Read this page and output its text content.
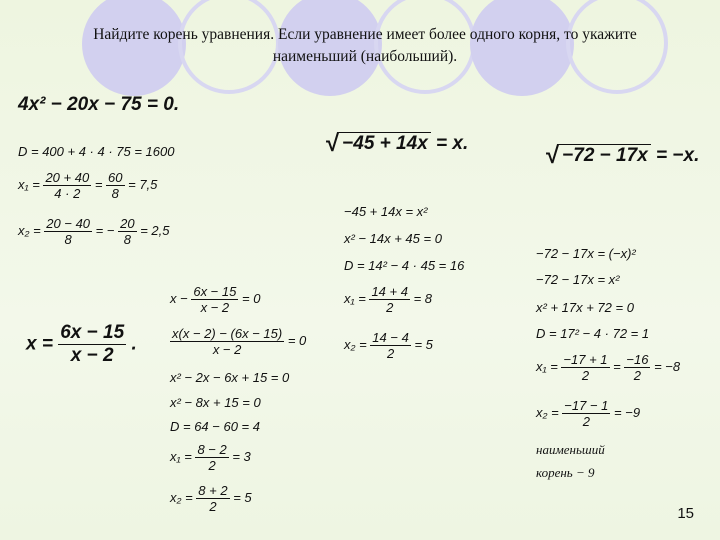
Найдите корень уравнения. Если уравнение имеет более одного корня, то укажите
наименьший (наибольший).
4x² − 20x − 75 = 0.
D = 400 + 4 · 4 · 75 = 1600
$x_1 = \frac{20 + 40}{4 \cdot 2} = \frac{60}{8} = 7,5$
$x_2 = \frac{20 - 40}{8}$ = − $\frac{20}{8} = 2,5$
$x = \frac{6x - 15}{x - 2}$ .
$x - \frac{6x - 15}{x - 2} = 0$
$\frac{x(x - 2) - (6x - 15)}{x - 2} = 0$
x² − 2x − 6x + 15 = 0
x² − 8x + 15 = 0
D = 64 − 60 = 4
$x_1 = \frac{8 - 2}{2} = 3$
$x_2 = \frac{8 + 2}{2} = 5$
√ −45 + 14x = x.
−45 + 14x = x²
x² − 14x + 45 = 0
D = 14² − 4 · 45 = 16
$x_1 = \frac{14 + 4}{2} = 8$
$x_2 = \frac{14 - 4}{2} = 5$
√ −72 − 17x = −x.
−72 − 17x = (−x)²
−72 − 17x = x²
x² + 17x + 72 = 0
D = 17² − 4 · 72 = 1
$x_1 = \frac{-17 + 1}{2} = \frac{-16}{2} = -8$
$x_2 = \frac{-17 - 1}{2} = -9$
наименьший
корень − 9
15
